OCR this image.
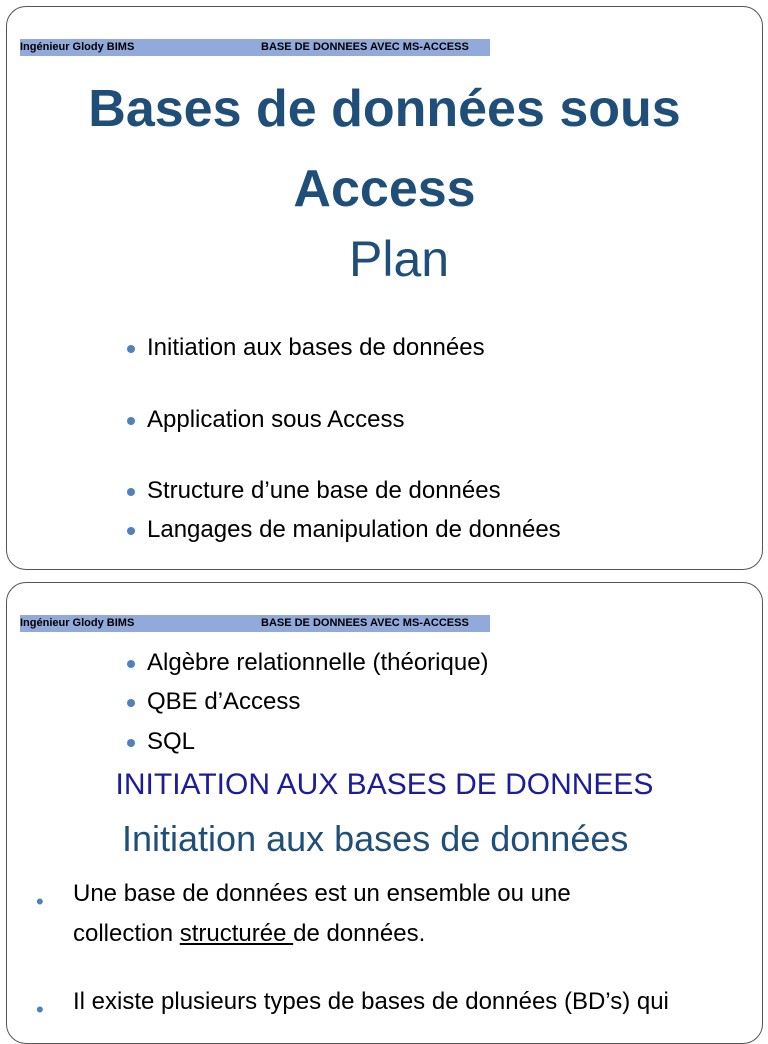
Ingénieur Glody BIMS	BASE DE DONNEES AVEC MS-ACCESS
Bases de données sous
Access
Plan
Initiation aux bases de données
Application sous Access
Structure d’une base de données
Langages de manipulation de données
Ingénieur Glody BIMS	BASE DE DONNEES AVEC MS-ACCESS
Algèbre relationnelle (théorique)
QBE d’Access
SQL
INITIATION AUX BASES DE DONNEES
Initiation aux bases de données
• Une base de données est un ensemble ou une
collection structurée de données.
• Il existe plusieurs types de bases de données (BD’s) qui
